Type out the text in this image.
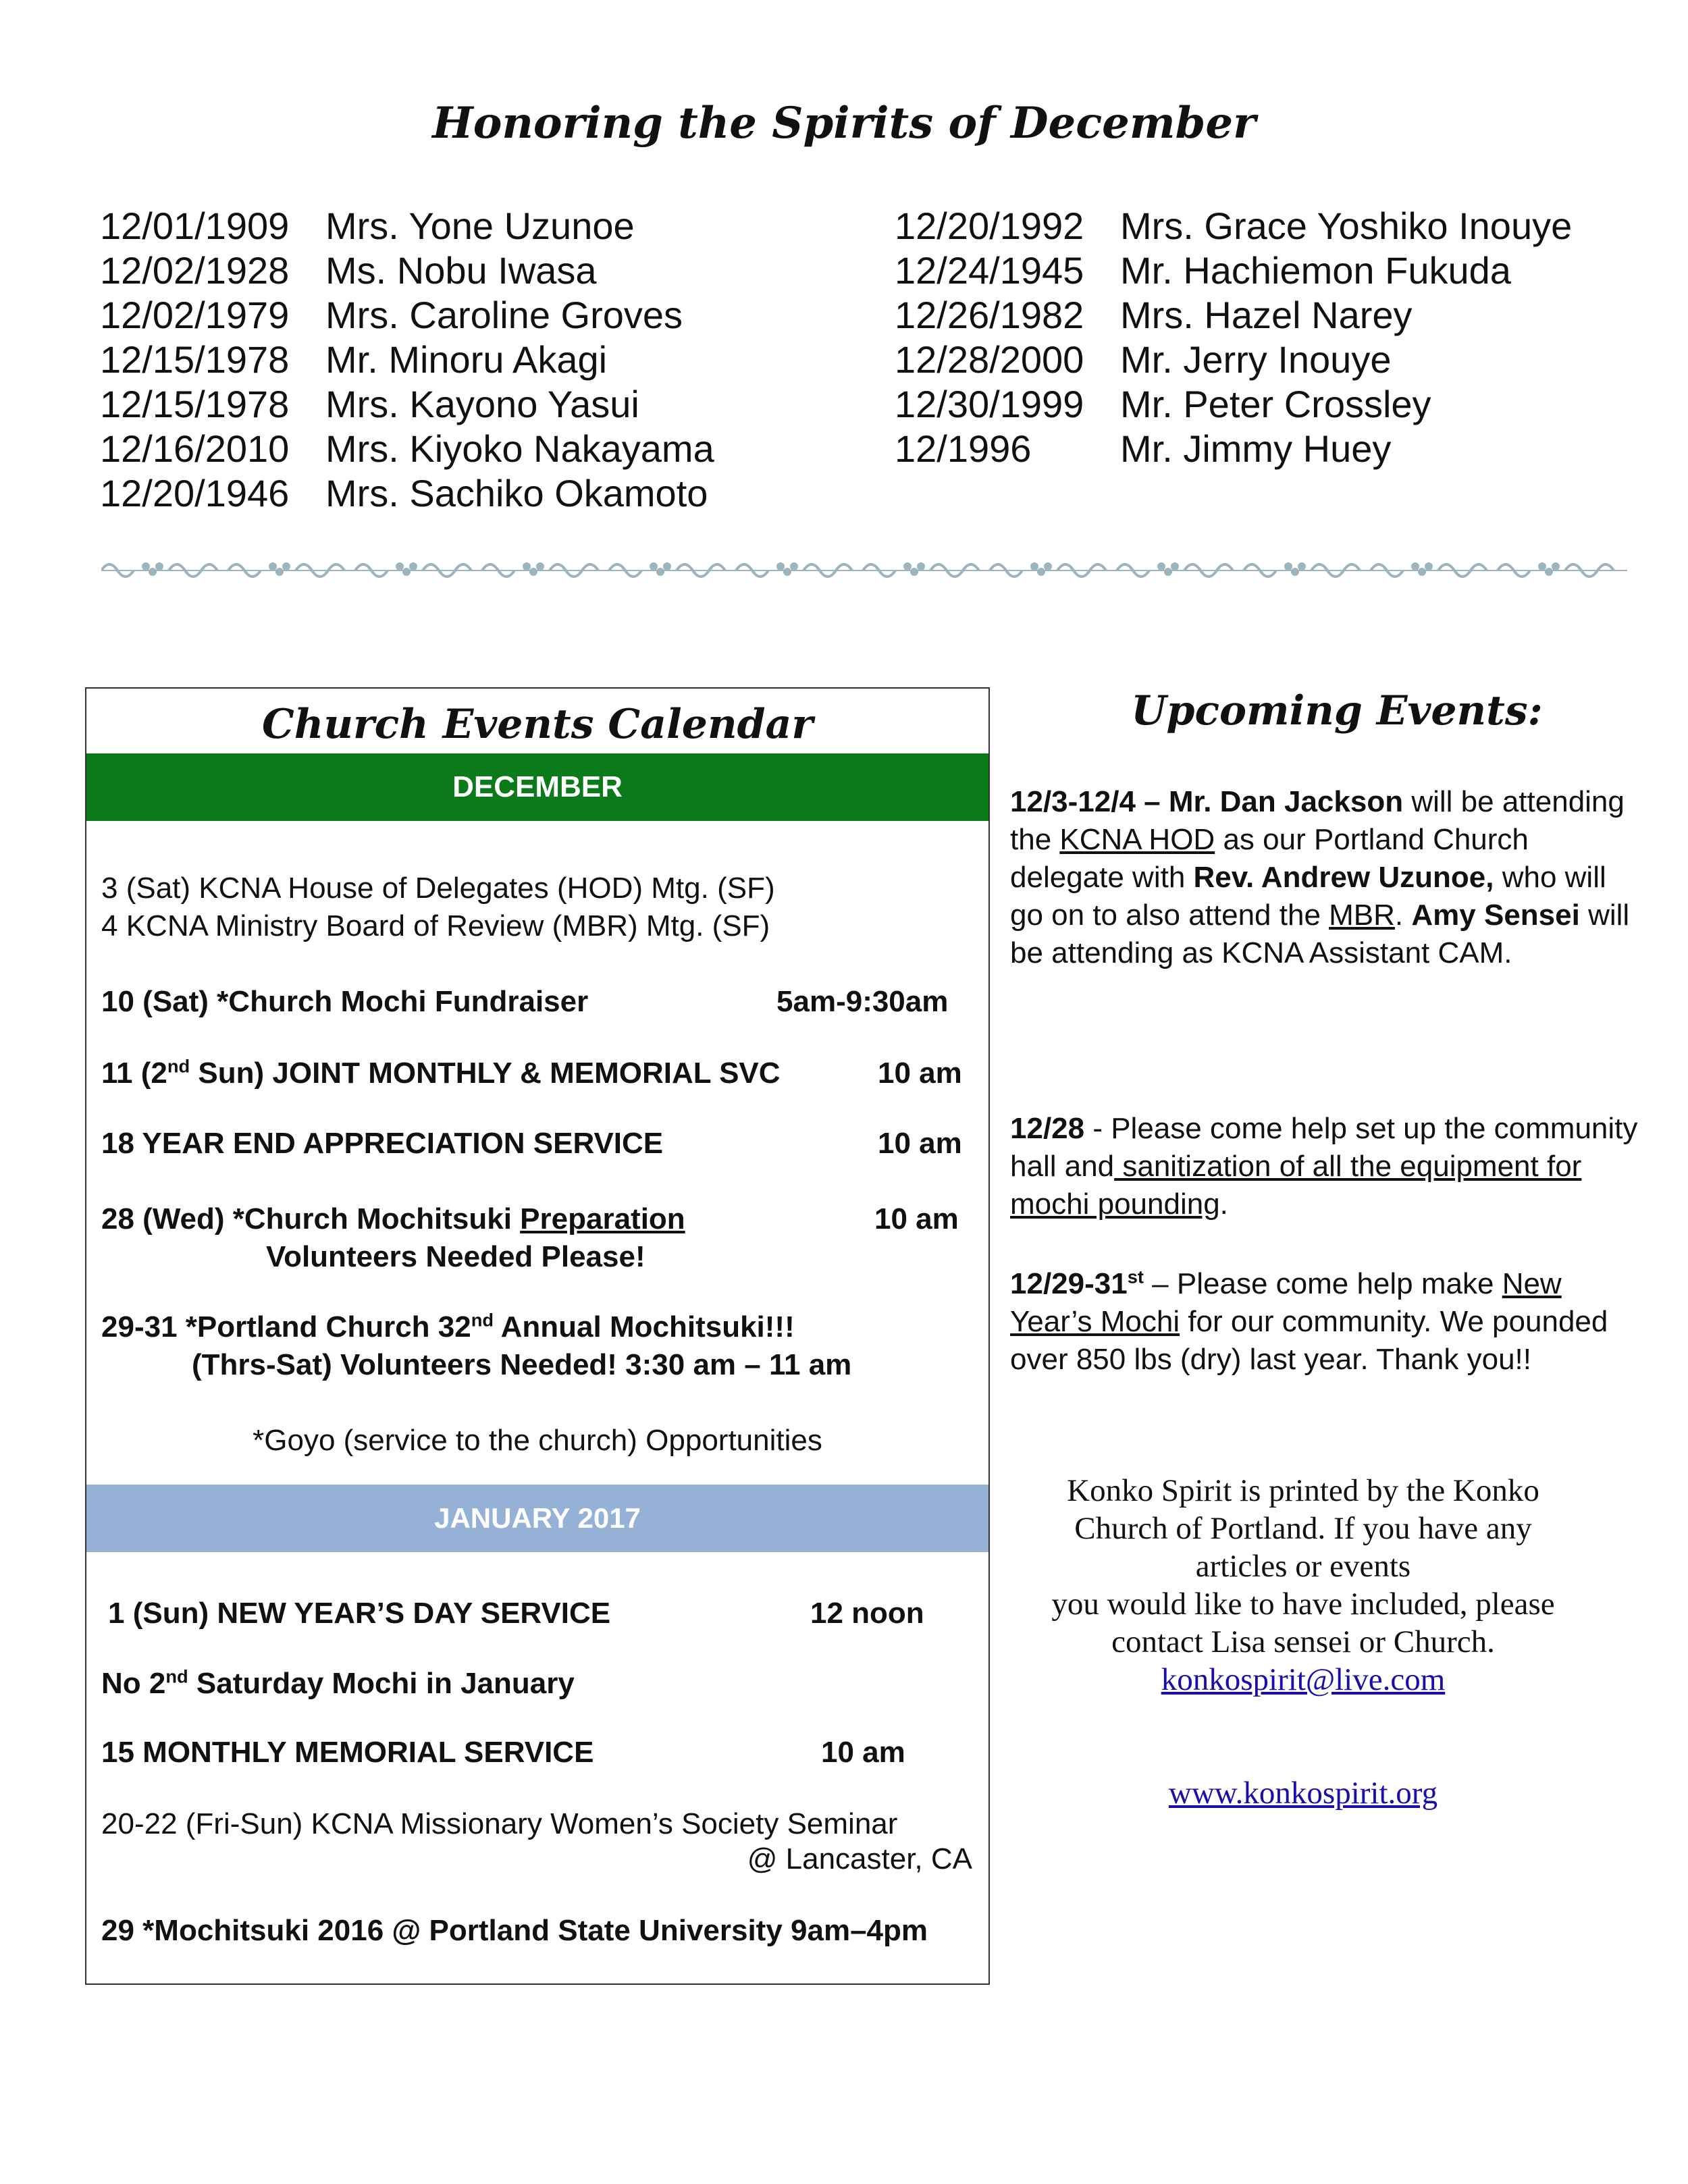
Honoring the Spirits of December
12/01/1909 Mrs. Yone Uzunoe
12/02/1928 Ms. Nobu Iwasa
12/02/1979 Mrs. Caroline Groves
12/15/1978 Mr. Minoru Akagi
12/15/1978 Mrs. Kayono Yasui
12/16/2010 Mrs. Kiyoko Nakayama
12/20/1946 Mrs. Sachiko Okamoto
12/20/1992 Mrs. Grace Yoshiko Inouye
12/24/1945 Mr. Hachiemon Fukuda
12/26/1982 Mrs. Hazel Narey
12/28/2000 Mr. Jerry Inouye
12/30/1999 Mr. Peter Crossley
12/1996 Mr. Jimmy Huey
Church Events Calendar
DECEMBER
3 (Sat) KCNA House of Delegates (HOD) Mtg. (SF)
4 KCNA Ministry Board of Review (MBR) Mtg. (SF)
10 (Sat) *Church Mochi Fundraiser	5am-9:30am
11 (2nd Sun) JOINT MONTHLY & MEMORIAL SVC	10 am
18 YEAR END APPRECIATION SERVICE	10 am
28 (Wed) *Church Mochitsuki Preparation	10 am
Volunteers Needed Please!
29-31 *Portland Church 32nd Annual Mochitsuki!!!
(Thrs-Sat) Volunteers Needed! 3:30 am – 11 am
*Goyo (service to the church) Opportunities
JANUARY 2017
1 (Sun) NEW YEAR’S DAY SERVICE	12 noon
No 2nd Saturday Mochi in January
15 MONTHLY MEMORIAL SERVICE	10 am
20-22 (Fri-Sun) KCNA Missionary Women’s Society Seminar
@ Lancaster, CA
29 *Mochitsuki 2016 @ Portland State University 9am–4pm
Upcoming Events:
12/3-12/4 – Mr. Dan Jackson will be attending the KCNA HOD as our Portland Church delegate with Rev. Andrew Uzunoe, who will go on to also attend the MBR. Amy Sensei will be attending as KCNA Assistant CAM.
12/28 - Please come help set up the community hall and sanitization of all the equipment for mochi pounding.
12/29-31st – Please come help make New Year’s Mochi for our community. We pounded over 850 lbs (dry) last year. Thank you!!
Konko Spirit is printed by the Konko
Church of Portland. If you have any
articles or events
you would like to have included, please
contact Lisa sensei or Church.
konkospirit@live.com
www.konkospirit.org
